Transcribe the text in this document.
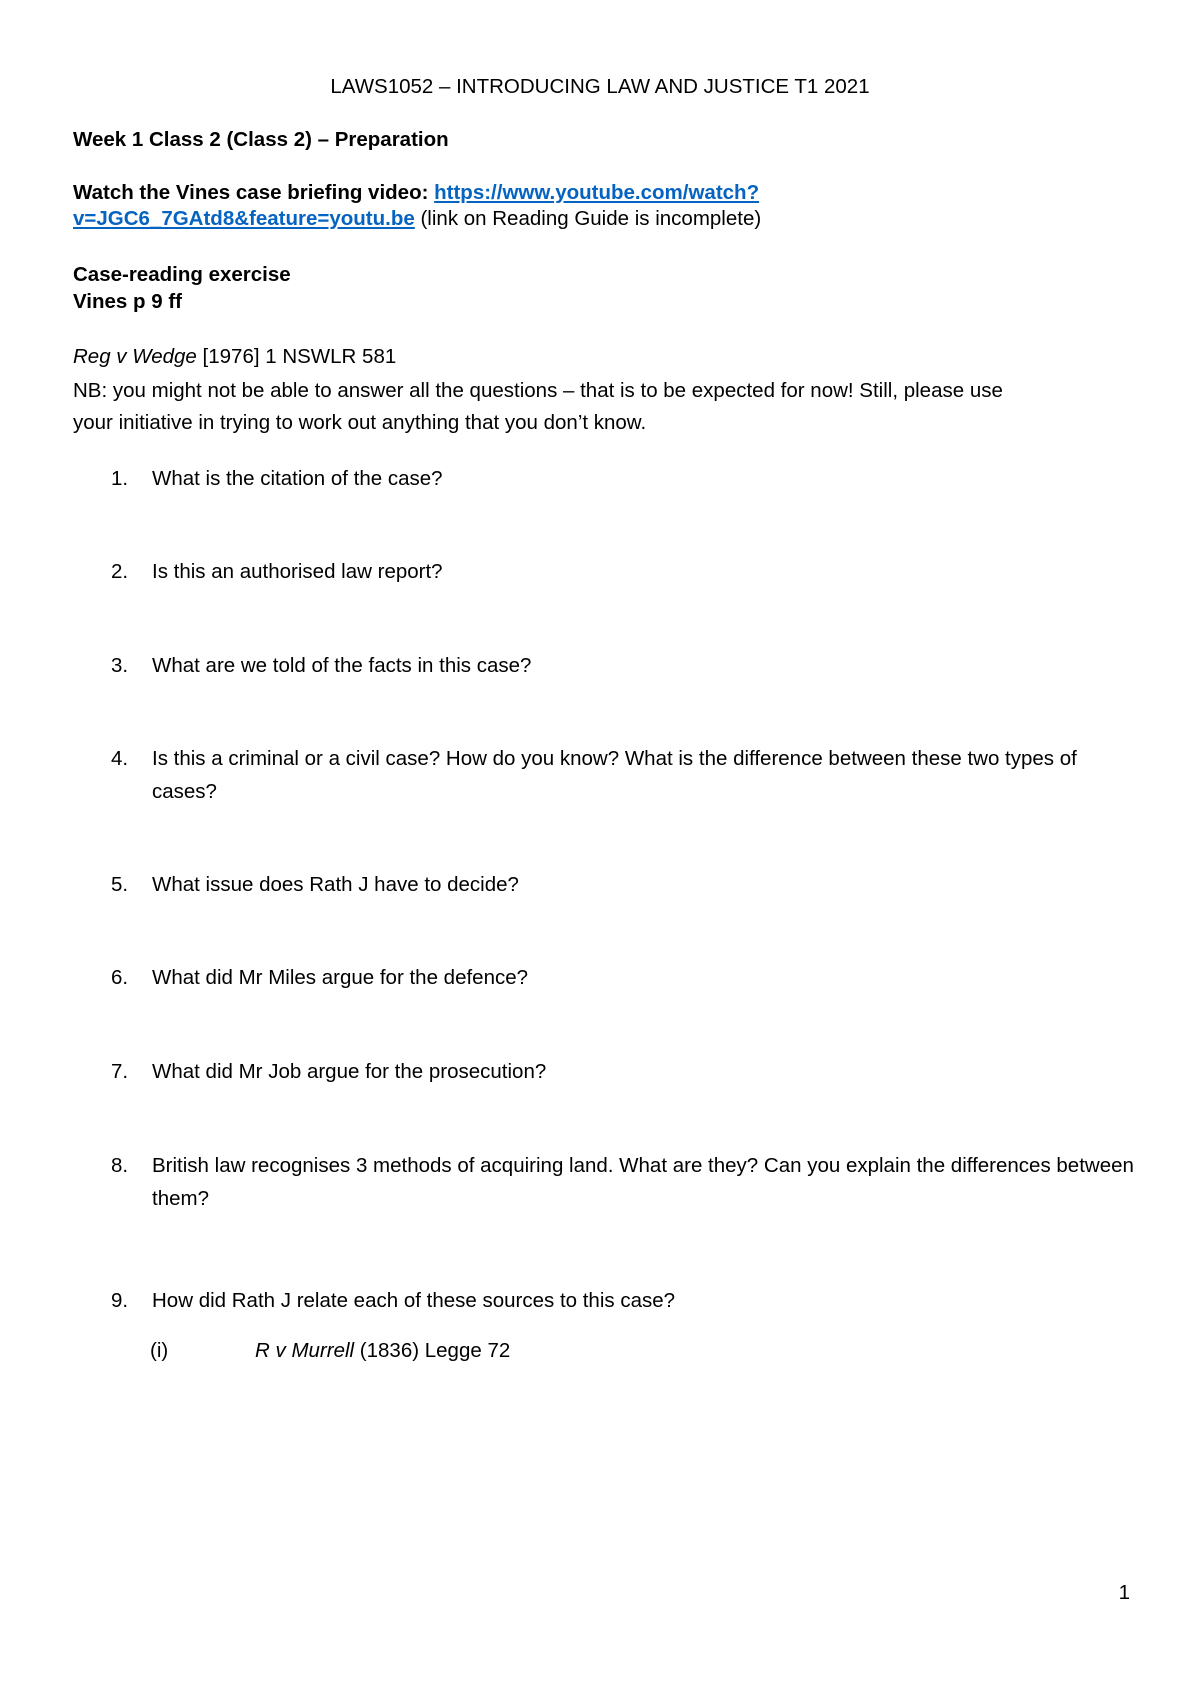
LAWS1052 – INTRODUCING LAW AND JUSTICE T1 2021
Week 1 Class 2 (Class 2) – Preparation
Watch the Vines case briefing video: https://www.youtube.com/watch?
v=JGC6_7GAtd8&feature=youtu.be (link on Reading Guide is incomplete)
Case-reading exercise
Vines p 9 ff
Reg v Wedge [1976] 1 NSWLR 581
NB: you might not be able to answer all the questions – that is to be expected for now! Still, please use
your initiative in trying to work out anything that you don’t know.
1.	What is the citation of the case?
2.	Is this an authorised law report?
3.	What are we told of the facts in this case?
4.	Is this a criminal or a civil case? How do you know? What is the difference between these two types of cases?
5.	What issue does Rath J have to decide?
6.	What did Mr Miles argue for the defence?
7.	What did Mr Job argue for the prosecution?
8.	British law recognises 3 methods of acquiring land. What are they? Can you explain the differences between them?
9.	How did Rath J relate each of these sources to this case?
(i)	R v Murrell (1836) Legge 72
1
